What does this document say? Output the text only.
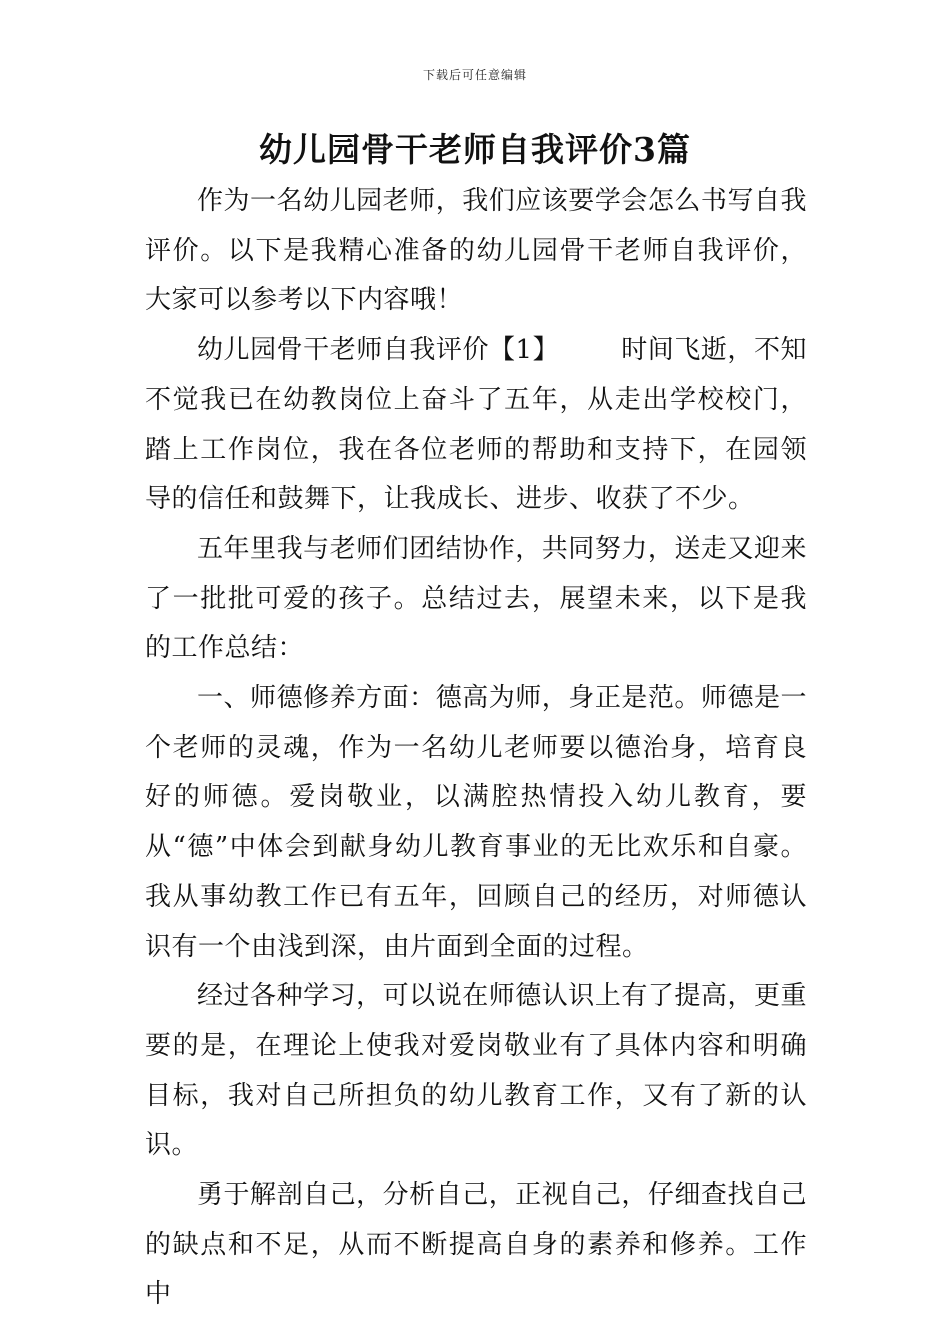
下载后可任意编辑
幼儿园骨干老师自我评价3篇

作为一名幼儿园老师，我们应该要学会怎么书写自我评价。以下是我精心准备的幼儿园骨干老师自我评价，大家可以参考以下内容哦！

幼儿园骨干老师自我评价【1】 时间飞逝，不知不觉我已在幼教岗位上奋斗了五年，从走出学校校门，踏上工作岗位，我在各位老师的帮助和支持下，在园领导的信任和鼓舞下，让我成长、进步、收获了不少。

五年里我与老师们团结协作，共同努力，送走又迎来了一批批可爱的孩子。总结过去，展望未来，以下是我的工作总结：

一、师德修养方面：德高为师，身正是范。师德是一个老师的灵魂，作为一名幼儿老师要以德治身，培育良好的师德。爱岗敬业，以满腔热情投入幼儿教育，要从“德”中体会到献身幼儿教育事业的无比欢乐和自豪。我从事幼教工作已有五年，回顾自己的经历，对师德认识有一个由浅到深，由片面到全面的过程。

经过各种学习，可以说在师德认识上有了提高，更重要的是，在理论上使我对爱岗敬业有了具体内容和明确目标，我对自己所担负的幼儿教育工作，又有了新的认识。

勇于解剖自己，分析自己，正视自己，仔细查找自己的缺点和不足，从而不断提高自身的素养和修养。工作中
